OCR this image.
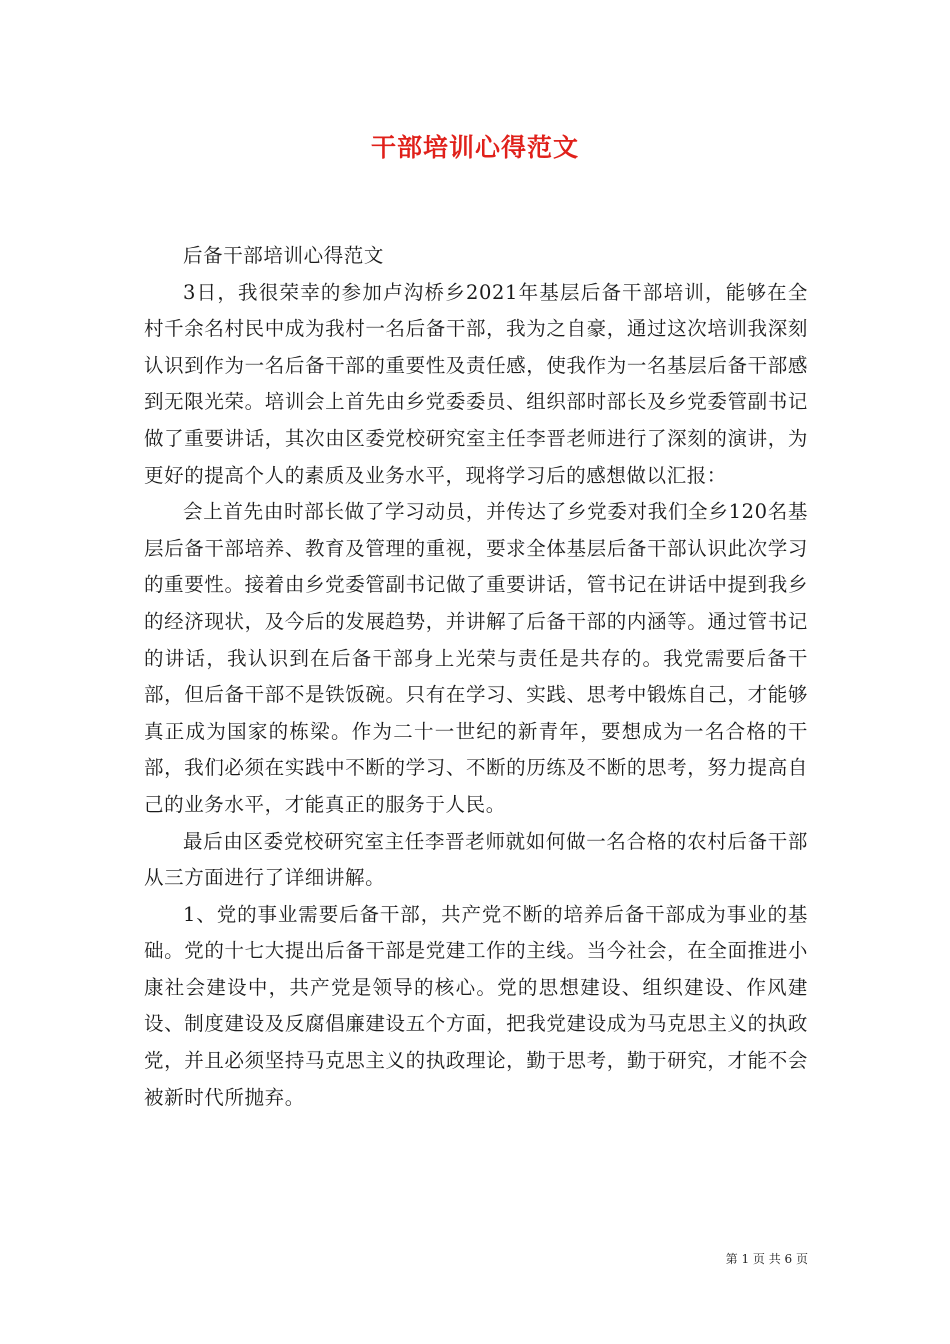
干部培训心得范文

后备干部培训心得范文

3日，我很荣幸的参加卢沟桥乡2021年基层后备干部培训，能够在全村千余名村民中成为我村一名后备干部，我为之自豪，通过这次培训我深刻认识到作为一名后备干部的重要性及责任感，使我作为一名基层后备干部感到无限光荣。培训会上首先由乡党委委员、组织部时部长及乡党委管副书记做了重要讲话，其次由区委党校研究室主任李晋老师进行了深刻的演讲，为更好的提高个人的素质及业务水平，现将学习后的感想做以汇报：

会上首先由时部长做了学习动员，并传达了乡党委对我们全乡120名基层后备干部培养、教育及管理的重视，要求全体基层后备干部认识此次学习的重要性。接着由乡党委管副书记做了重要讲话，管书记在讲话中提到我乡的经济现状，及今后的发展趋势，并讲解了后备干部的内涵等。通过管书记的讲话，我认识到在后备干部身上光荣与责任是共存的。我党需要后备干部，但后备干部不是铁饭碗。只有在学习、实践、思考中锻炼自己，才能够真正成为国家的栋梁。作为二十一世纪的新青年，要想成为一名合格的干部，我们必须在实践中不断的学习、不断的历练及不断的思考，努力提高自己的业务水平，才能真正的服务于人民。

最后由区委党校研究室主任李晋老师就如何做一名合格的农村后备干部从三方面进行了详细讲解。

1、党的事业需要后备干部，共产党不断的培养后备干部成为事业的基础。党的十七大提出后备干部是党建工作的主线。当今社会，在全面推进小康社会建设中，共产党是领导的核心。党的思想建设、组织建设、作风建设、制度建设及反腐倡廉建设五个方面，把我党建设成为马克思主义的执政党，并且必须坚持马克思主义的执政理论，勤于思考，勤于研究，才能不会被新时代所抛弃。

第 1 页 共 6 页
